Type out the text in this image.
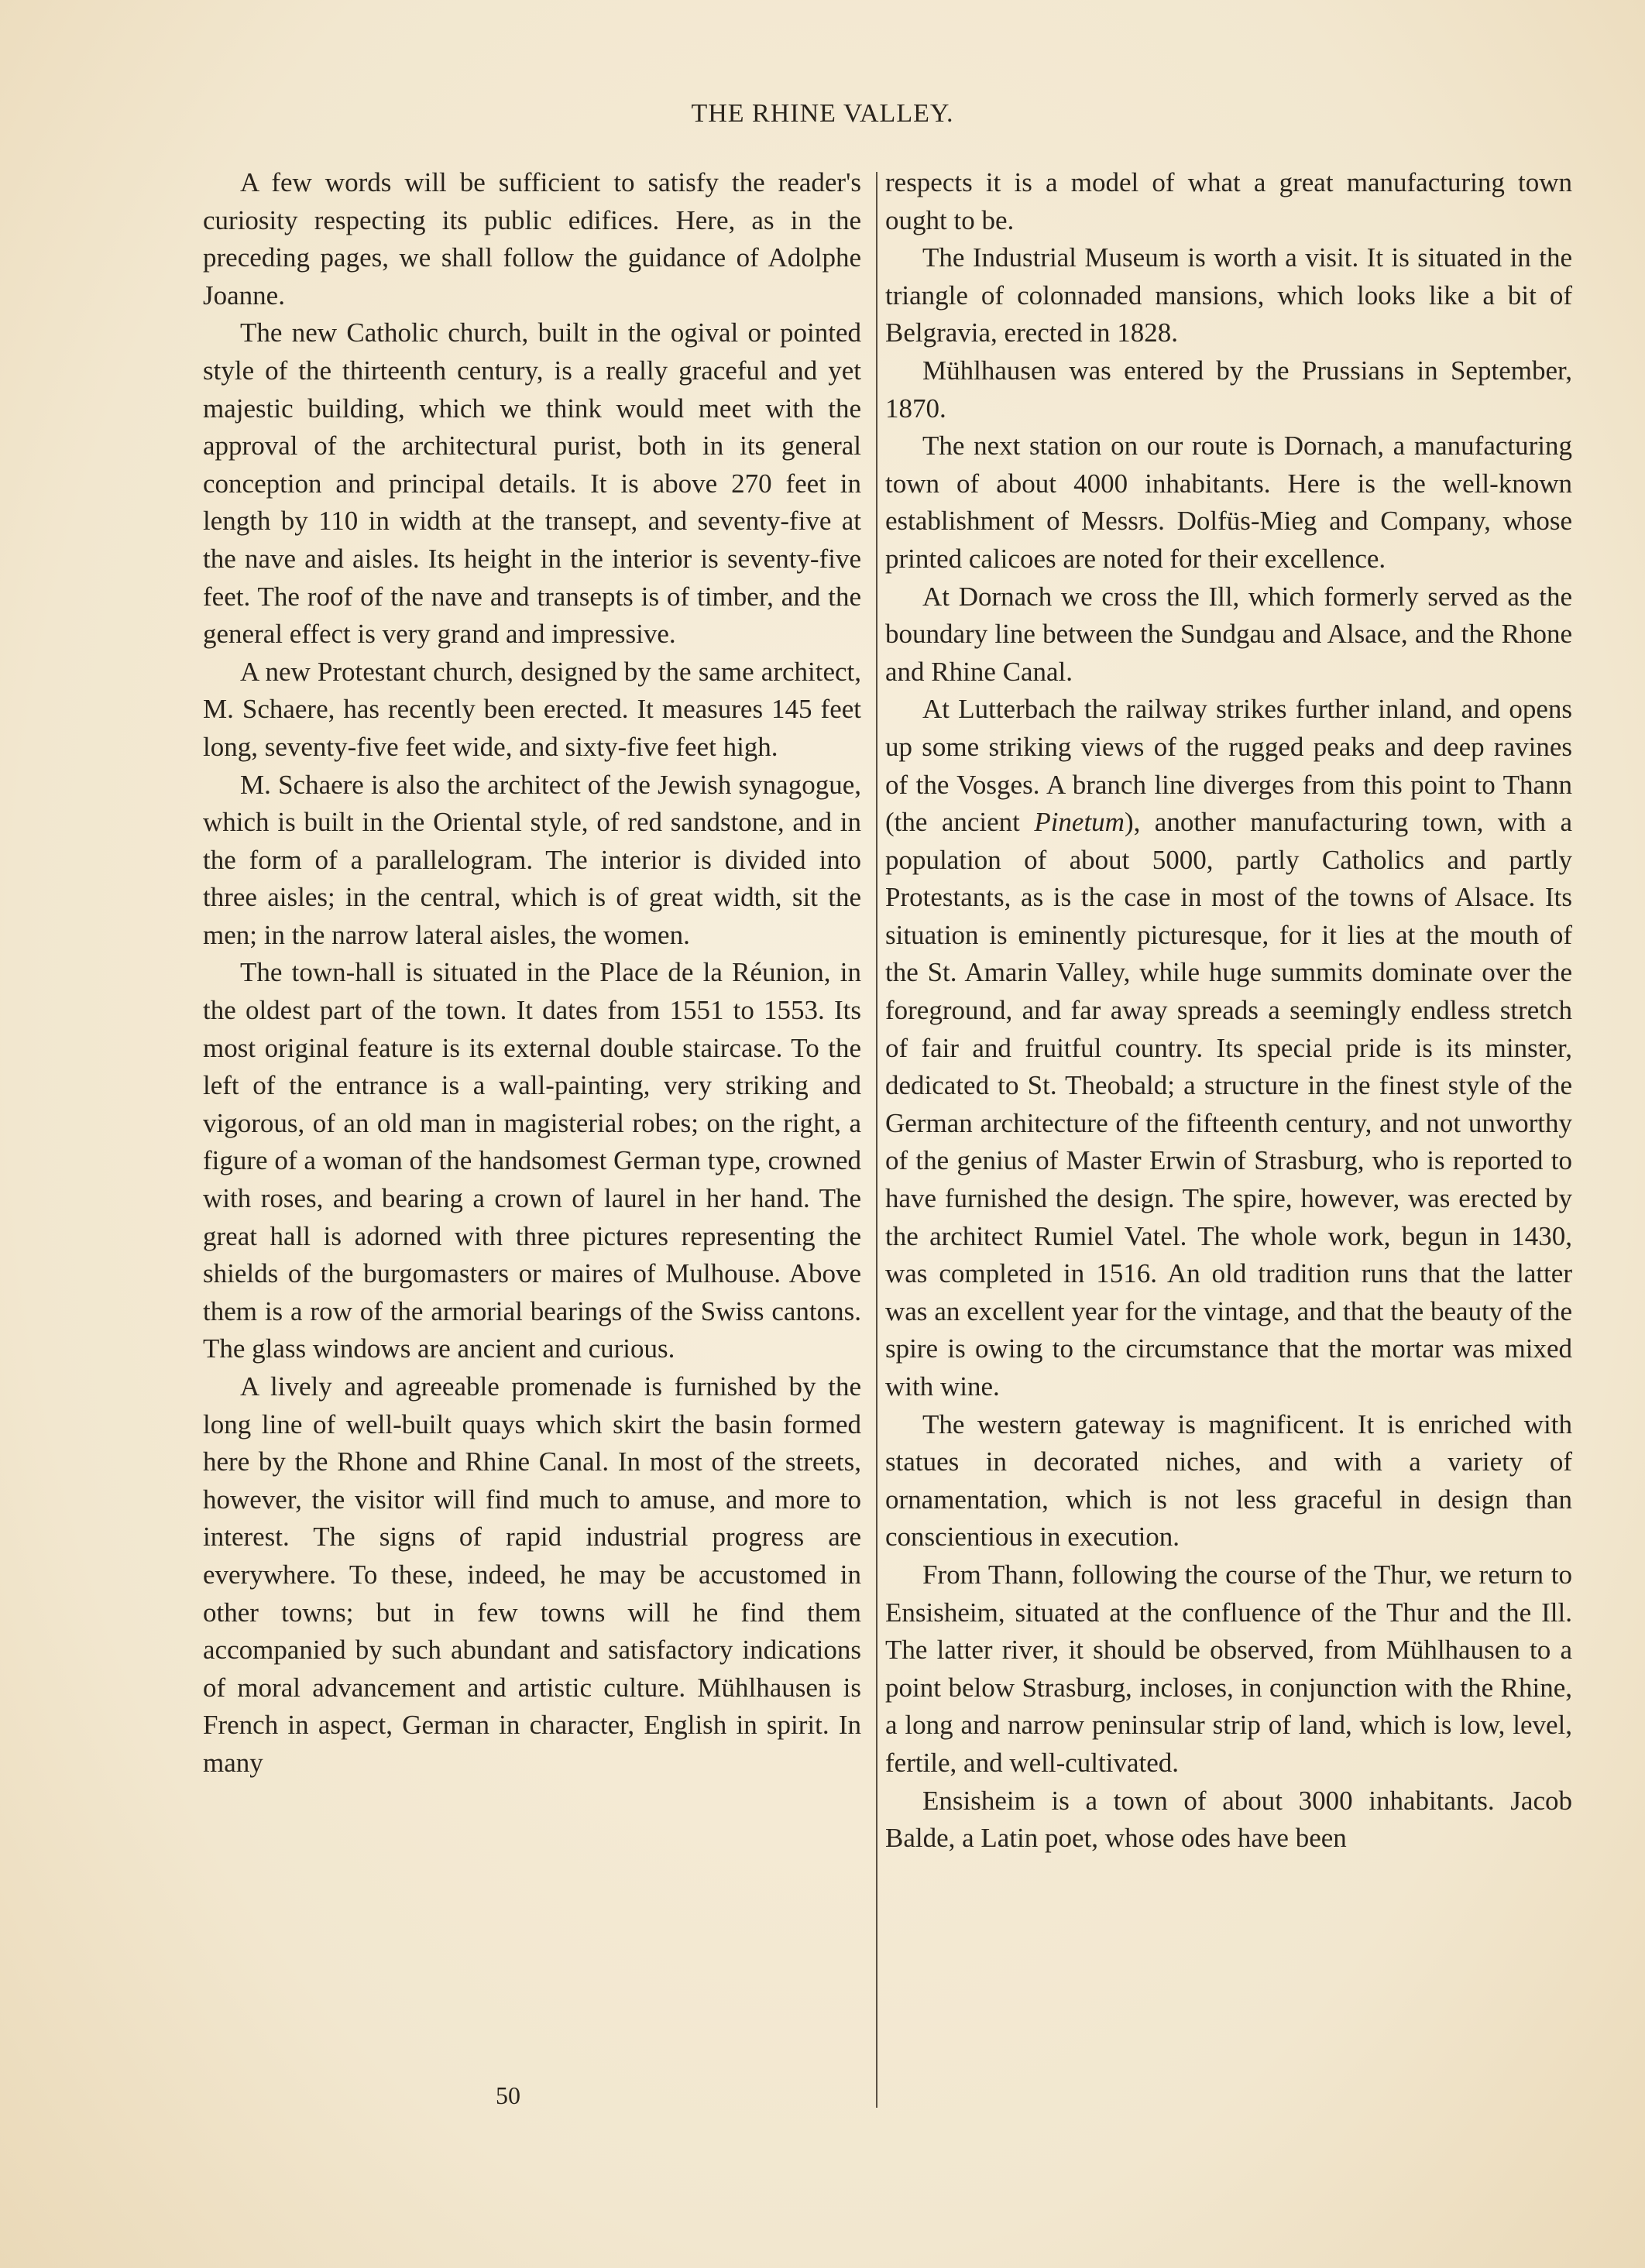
THE RHINE VALLEY.

A few words will be sufficient to satisfy the reader's curiosity respecting its public edifices. Here, as in the preceding pages, we shall follow the guidance of Adolphe Joanne.

The new Catholic church, built in the ogival or pointed style of the thirteenth century, is a really graceful and yet majestic building, which we think would meet with the approval of the architectural purist, both in its general conception and principal details. It is above 270 feet in length by 110 in width at the transept, and seventy-five at the nave and aisles. Its height in the interior is seventy-five feet. The roof of the nave and transepts is of timber, and the general effect is very grand and impressive.

A new Protestant church, designed by the same architect, M. Schaere, has recently been erected. It measures 145 feet long, seventy-five feet wide, and sixty-five feet high.

M. Schaere is also the architect of the Jewish synagogue, which is built in the Oriental style, of red sandstone, and in the form of a parallelogram. The interior is divided into three aisles; in the central, which is of great width, sit the men; in the narrow lateral aisles, the women.

The town-hall is situated in the Place de la Réunion, in the oldest part of the town. It dates from 1551 to 1553. Its most original feature is its external double staircase. To the left of the entrance is a wall-painting, very striking and vigorous, of an old man in magisterial robes; on the right, a figure of a woman of the handsomest German type, crowned with roses, and bearing a crown of laurel in her hand. The great hall is adorned with three pictures representing the shields of the burgomasters or maires of Mulhouse. Above them is a row of the armorial bearings of the Swiss cantons. The glass windows are ancient and curious.

A lively and agreeable promenade is furnished by the long line of well-built quays which skirt the basin formed here by the Rhone and Rhine Canal. In most of the streets, however, the visitor will find much to amuse, and more to interest. The signs of rapid industrial progress are everywhere. To these, indeed, he may be accustomed in other towns; but in few towns will he find them accompanied by such abundant and satisfactory indications of moral advancement and artistic culture. Mühlhausen is French in aspect, German in character, English in spirit. In many

respects it is a model of what a great manufacturing town ought to be.

The Industrial Museum is worth a visit. It is situated in the triangle of colonnaded mansions, which looks like a bit of Belgravia, erected in 1828.

Mühlhausen was entered by the Prussians in September, 1870.

The next station on our route is Dornach, a manufacturing town of about 4000 inhabitants. Here is the well-known establishment of Messrs. Dolfüs-Mieg and Company, whose printed calicoes are noted for their excellence.

At Dornach we cross the Ill, which formerly served as the boundary line between the Sundgau and Alsace, and the Rhone and Rhine Canal.

At Lutterbach the railway strikes further inland, and opens up some striking views of the rugged peaks and deep ravines of the Vosges. A branch line diverges from this point to Thann (the ancient Pinetum), another manufacturing town, with a population of about 5000, partly Catholics and partly Protestants, as is the case in most of the towns of Alsace. Its situation is eminently picturesque, for it lies at the mouth of the St. Amarin Valley, while huge summits dominate over the foreground, and far away spreads a seemingly endless stretch of fair and fruitful country. Its special pride is its minster, dedicated to St. Theobald; a structure in the finest style of the German architecture of the fifteenth century, and not unworthy of the genius of Master Erwin of Strasburg, who is reported to have furnished the design. The spire, however, was erected by the architect Rumiel Vatel. The whole work, begun in 1430, was completed in 1516. An old tradition runs that the latter was an excellent year for the vintage, and that the beauty of the spire is owing to the circumstance that the mortar was mixed with wine.

The western gateway is magnificent. It is enriched with statues in decorated niches, and with a variety of ornamentation, which is not less graceful in design than conscientious in execution.

From Thann, following the course of the Thur, we return to Ensisheim, situated at the confluence of the Thur and the Ill. The latter river, it should be observed, from Mühlhausen to a point below Strasburg, incloses, in conjunction with the Rhine, a long and narrow peninsular strip of land, which is low, level, fertile, and well-cultivated.

Ensisheim is a town of about 3000 inhabitants. Jacob Balde, a Latin poet, whose odes have been

50
